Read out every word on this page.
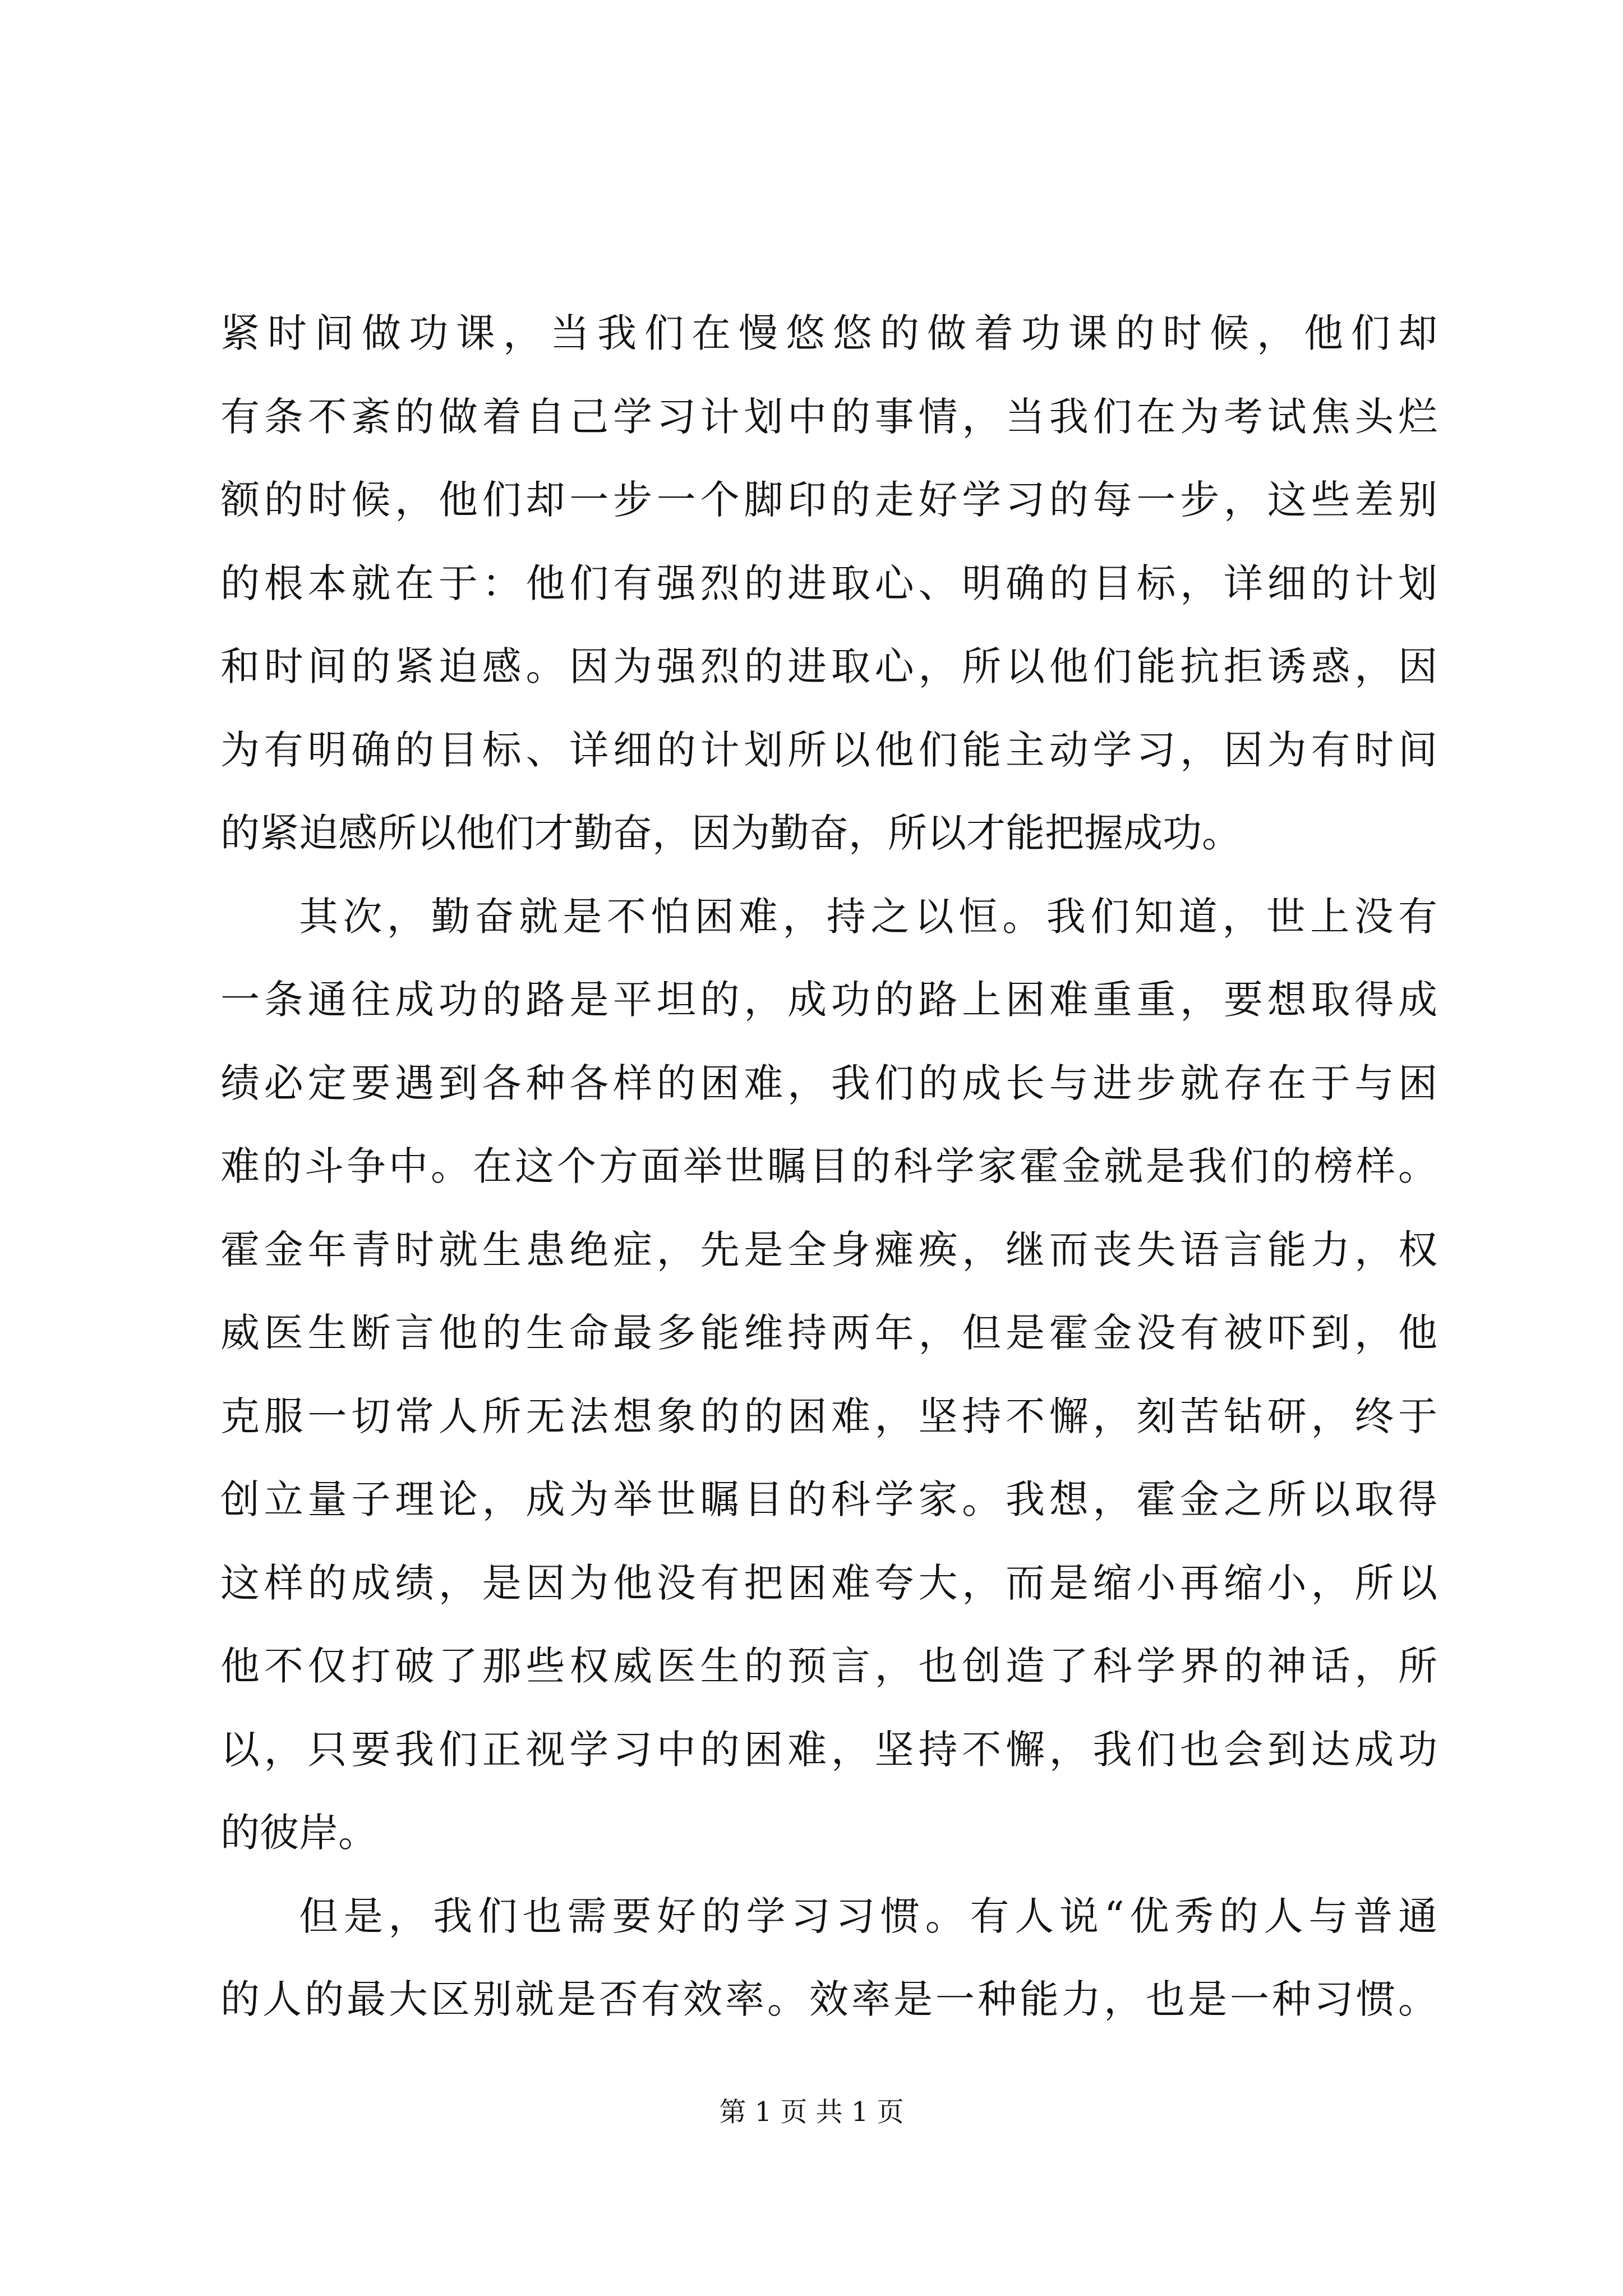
紧时间做功课，当我们在慢悠悠的做着功课的时候，他们却
有条不紊的做着自己学习计划中的事情，当我们在为考试焦头烂
额的时候，他们却一步一个脚印的走好学习的每一步，这些差别
的根本就在于：他们有强烈的进取心、明确的目标，详细的计划
和时间的紧迫感。因为强烈的进取心，所以他们能抗拒诱惑，因
为有明确的目标、详细的计划所以他们能主动学习，因为有时间
的紧迫感所以他们才勤奋，因为勤奋，所以才能把握成功。
其次，勤奋就是不怕困难，持之以恒。我们知道，世上没有
一条通往成功的路是平坦的，成功的路上困难重重，要想取得成
绩必定要遇到各种各样的困难，我们的成长与进步就存在于与困
难的斗争中。在这个方面举世瞩目的科学家霍金就是我们的榜样。
霍金年青时就生患绝症，先是全身瘫痪，继而丧失语言能力，权
威医生断言他的生命最多能维持两年，但是霍金没有被吓到，他
克服一切常人所无法想象的的困难，坚持不懈，刻苦钻研，终于
创立量子理论，成为举世瞩目的科学家。我想，霍金之所以取得
这样的成绩，是因为他没有把困难夸大，而是缩小再缩小，所以
他不仅打破了那些权威医生的预言，也创造了科学界的神话，所
以，只要我们正视学习中的困难，坚持不懈，我们也会到达成功
的彼岸。
但是，我们也需要好的学习习惯。有人说“优秀的人与普通
的人的最大区别就是否有效率。效率是一种能力，也是一种习惯。
第 1 页 共 1 页
